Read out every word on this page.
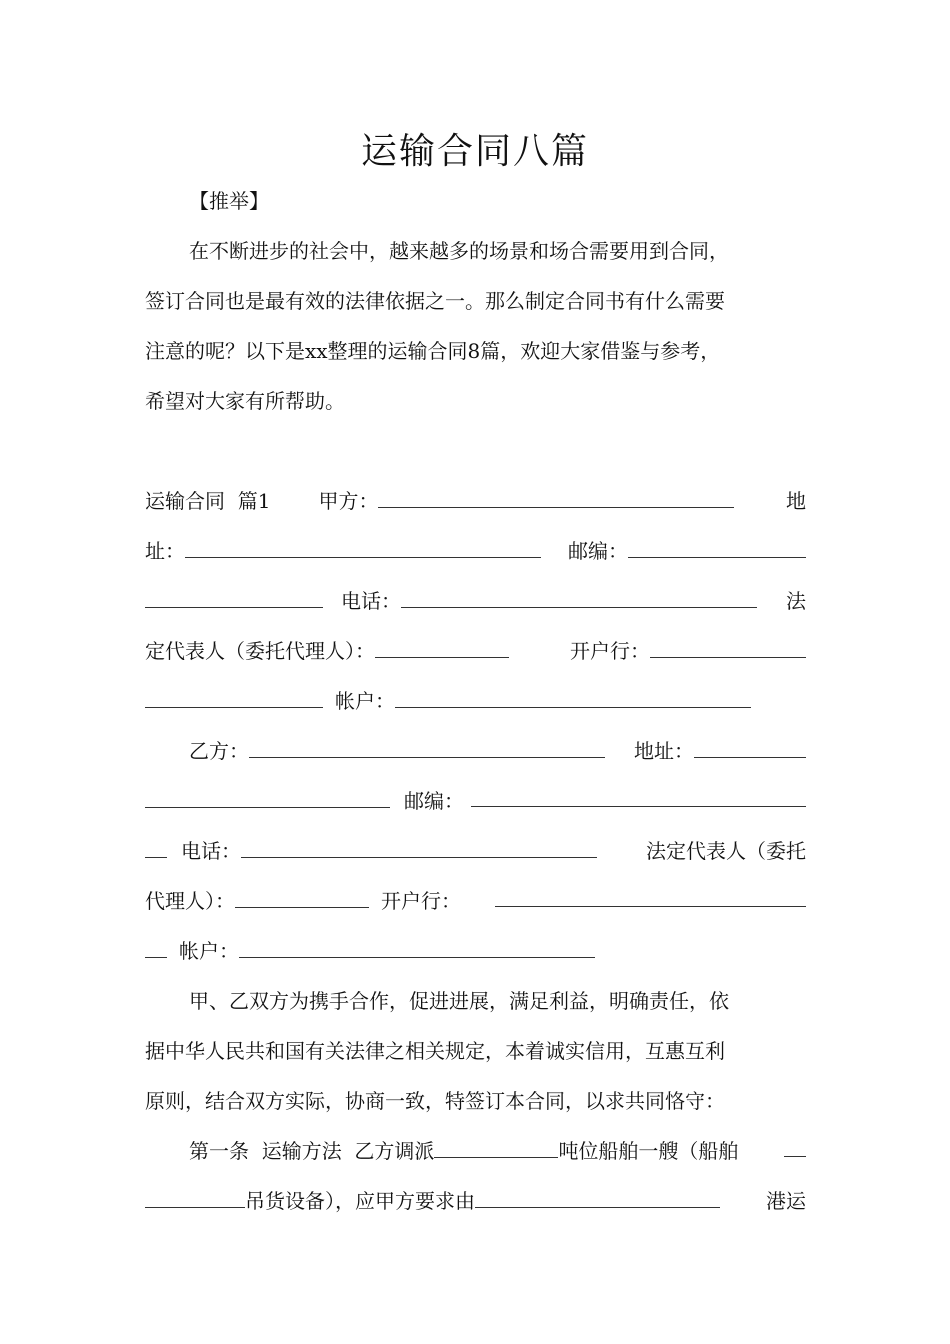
运输合同八篇
【推举】
在不断进步的社会中，越来越多的场景和场合需要用到合同，
签订合同也是最有效的法律依据之一。那么制定合同书有什么需要
注意的呢？以下是xx整理的运输合同8篇，欢迎大家借鉴与参考，
希望对大家有所帮助。
运输合同  篇1 甲方：	地
址：	邮编：
电话：	法
定代表人（委托代理人）：	开户行：
帐户：
乙方：	地址：
邮编：
电话：	法定代表人（委托
代理人）：	开户行：
帐户：
甲、乙双方为携手合作，促进进展，满足利益，明确责任，依
据中华人民共和国有关法律之相关规定，本着诚实信用，互惠互利
原则，结合双方实际，协商一致，特签订本合同，以求共同恪守：
第一条  运输方法  乙方调派	吨位船舶一艘（船舶
吊货设备），应甲方要求由	港运
